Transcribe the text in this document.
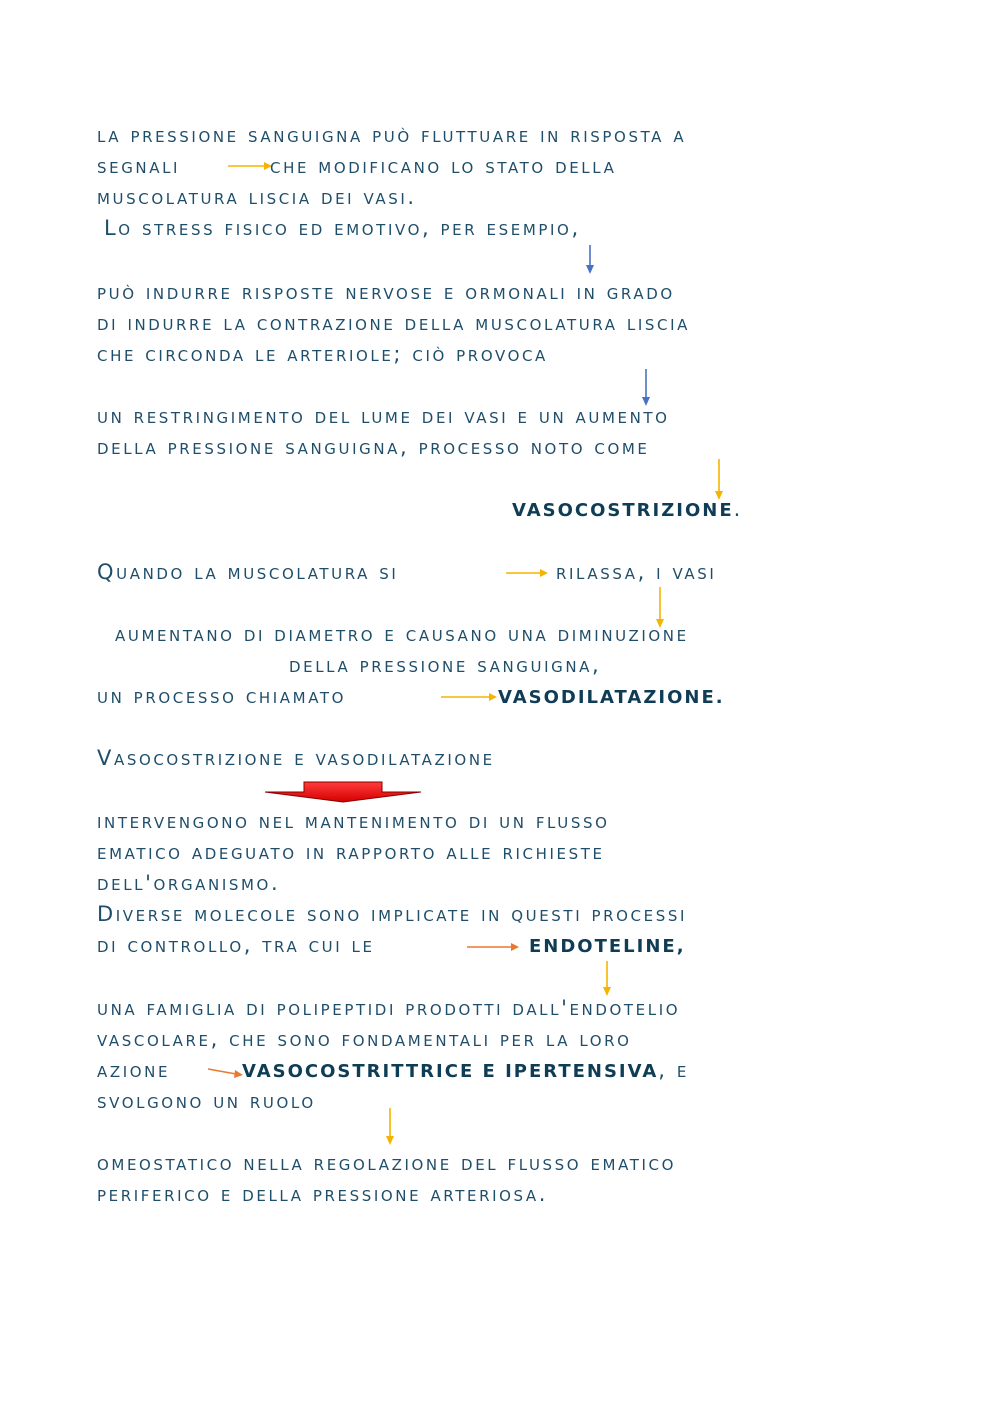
la pressione sanguigna può fluttuare in risposta a
segnali	che modificano lo stato della
muscolatura liscia dei vasi.
Lo stress fisico ed emotivo, per esempio,
può indurre risposte nervose e ormonali in grado
di indurre la contrazione della muscolatura liscia
che circonda le arteriole; ciò provoca
un restringimento del lume dei vasi e un aumento
della pressione sanguigna, processo noto come
VASOCOSTRIZIONE.
Quando la muscolatura si	rilassa, i vasi
aumentano di diametro e causano una diminuzione
della pressione sanguigna,
un processo chiamato	VASODILATAZIONE.
Vasocostrizione e vasodilatazione
intervengono nel mantenimento di un flusso
ematico adeguato in rapporto alle richieste
dell'organismo.
Diverse molecole sono implicate in questi processi
di controllo, tra cui le	ENDOTELINE,
una famiglia di polipeptidi prodotti dall'endotelio
vascolare, che sono fondamentali per la loro
azione	VASOCOSTRITTRICE E IPERTENSIVA, e
svolgono un ruolo
omeostatico nella regolazione del flusso ematico
periferico e della pressione arteriosa.
